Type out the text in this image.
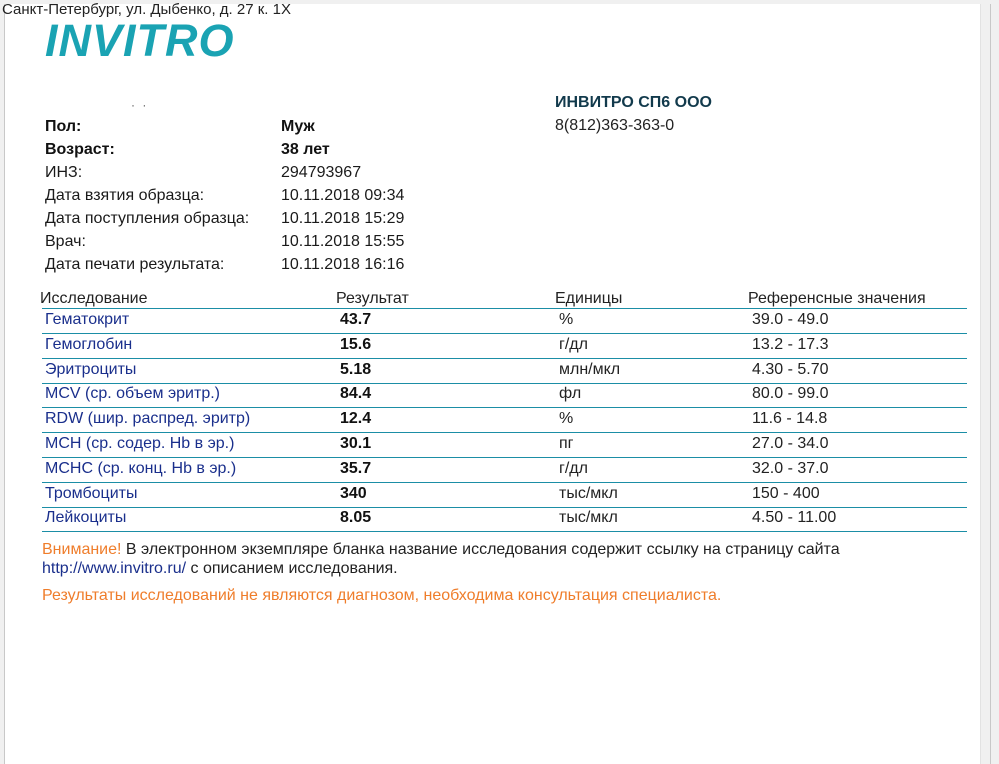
INVITRO
· ·	ИНВИТРО СП6 ООО
8(812)363-363-0
Пол:	Муж
Возраст:	38 лет
ИНЗ:	294793967
Дата взятия образца:	10.11.2018 09:34
Дата поступления образца: 10.11.2018 15:29
Врач:	10.11.2018 15:55
Дата печати результата:	10.11.2018 16:16
Исследование	Результат	Единицы	Референсные значения
Гематокрит	43.7	%	39.0 - 49.0
Гемоглобин	15.6	г/дл	13.2 - 17.3
Эритроциты	5.18	млн/мкл	4.30 - 5.70
MCV (ср. объем эритр.)	84.4	фл	80.0 - 99.0
RDW (шир. распред. эритр)	12.4	%	11.6 - 14.8
MCH (ср. содер. Hb в эр.)	30.1	пг	27.0 - 34.0
MCHC (ср. конц. Hb в эр.)	35.7	г/дл	32.0 - 37.0
Тромбоциты	340	тыс/мкл	150 - 400
Лейкоциты	8.05	тыс/мкл	4.50 - 11.00
Внимание! В электронном экземпляре бланка название исследования содержит ссылку на страницу сайта
http://www.invitro.ru/ с описанием исследования.
Результаты исследований не являются диагнозом, необходима консультация специалиста.
Санкт-Петербург, ул. Дыбенко, д. 27 к. 1Х
